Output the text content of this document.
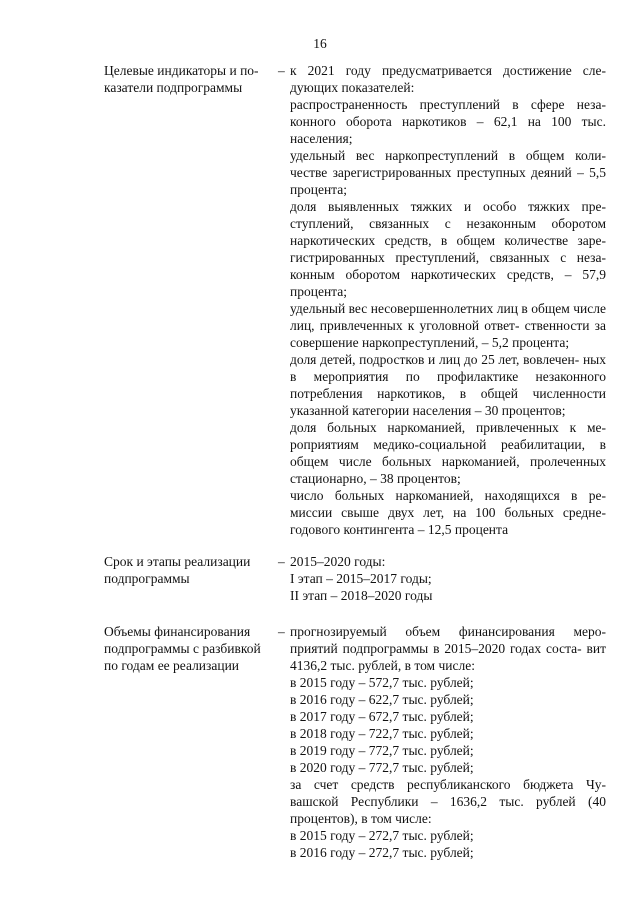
16
Целевые индикаторы и по-
казатели подпрограммы
– к 2021 году предусматривается достижение сле- дующих показателей:

распространенность преступлений в сфере неза- конного оборота наркотиков – 62,1 на 100 тыс. населения;

удельный вес наркопреступлений в общем коли- честве зарегистрированных преступных деяний – 5,5 процента;

доля выявленных тяжких и особо тяжких пре- ступлений, связанных с незаконным оборотом наркотических средств, в общем количестве заре- гистрированных преступлений, связанных с неза- конным оборотом наркотических средств, – 57,9 процента;

удельный вес несовершеннолетних лиц в общем числе лиц, привлеченных к уголовной ответ- ственности за совершение наркопреступлений, – 5,2 процента;

доля детей, подростков и лиц до 25 лет, вовлечен- ных в мероприятия по профилактике незаконного потребления наркотиков, в общей численности указанной категории населения – 30 процентов;

доля больных наркоманией, привлеченных к ме- роприятиям медико-социальной реабилитации, в общем числе больных наркоманией, пролеченных стационарно, – 38 процентов;

число больных наркоманией, находящихся в ре- миссии свыше двух лет, на 100 больных средне- годового контингента – 12,5 процента

Срок и этапы реализации
подпрограммы
– 2015–2020 годы:

I этап – 2015–2017 годы;

II этап – 2018–2020 годы

Объемы финансирования
подпрограммы с разбивкой
по годам ее реализации
– прогнозируемый объем финансирования меро- приятий подпрограммы в 2015–2020 годах соста- вит 4136,2 тыс. рублей, в том числе:

в 2015 году – 572,7 тыс. рублей;

в 2016 году – 622,7 тыс. рублей;

в 2017 году – 672,7 тыс. рублей;

в 2018 году – 722,7 тыс. рублей;

в 2019 году – 772,7 тыс. рублей;

в 2020 году – 772,7 тыс. рублей;

за счет средств республиканского бюджета Чу- вашской Республики – 1636,2 тыс. рублей (40 процентов), в том числе:

в 2015 году – 272,7 тыс. рублей;

в 2016 году – 272,7 тыс. рублей;
